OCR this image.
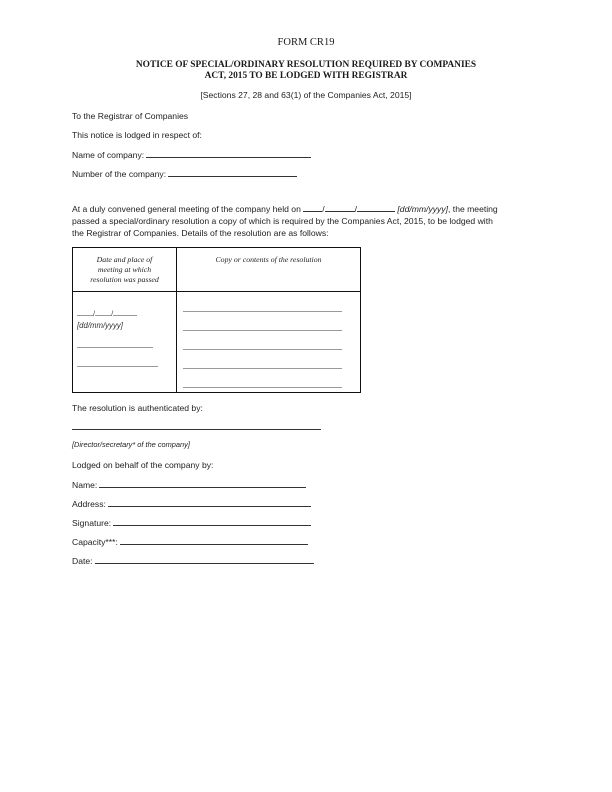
FORM CR19
NOTICE OF SPECIAL/ORDINARY RESOLUTION REQUIRED BY COMPANIES
ACT, 2015 TO BE LODGED WITH REGISTRAR
[Sections 27, 28 and 63(1) of the Companies Act, 2015]
To the Registrar of Companies
This notice is lodged in respect of:
Name of company:
Number of the company:
At a duly convened general meeting of the company held on /	/	[dd/mm/yyyy], the meeting
passed a special/ordinary resolution a copy of which is required by the Companies Act, 2015, to be lodged with
the Registrar of Companies. Details of the resolution are as follows:
Date and place of meeting at which resolution was passed
Copy or contents of the resolution
/ /
[dd/mm/yyyy]
The resolution is authenticated by:
[Director/secretary* of the company]
Lodged on behalf of the company by:
Name:
Address:
Signature:
Capacity***:
Date:
